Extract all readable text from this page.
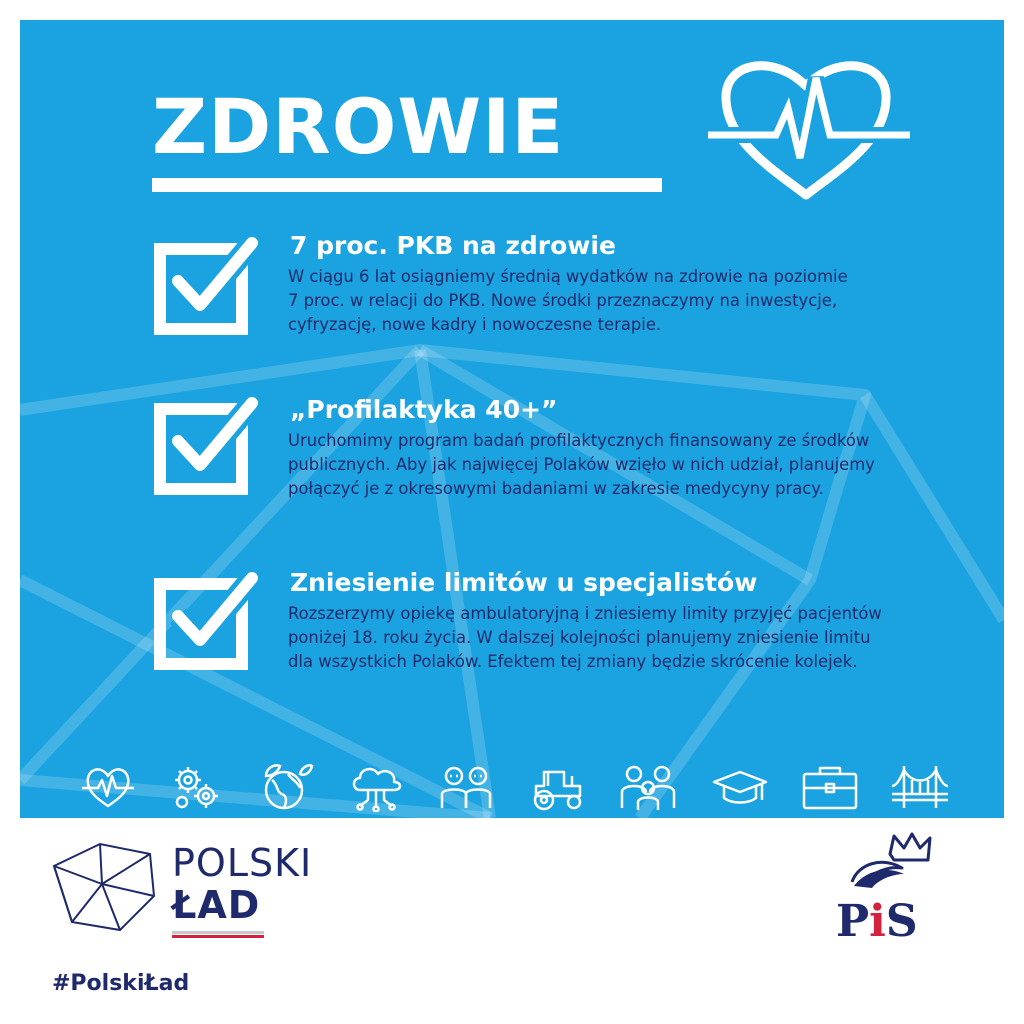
ZDROWIE

7 proc. PKB na zdrowie

W ciągu 6 lat osiągniemy średnią wydatków na zdrowie na poziomie

7 proc. w relacji do PKB. Nowe środki przeznaczymy na inwestycje,

cyfryzację, nowe kadry i nowoczesne terapie.

„Profilaktyka 40+”

Uruchomimy program badań profilaktycznych finansowany ze środków

publicznych. Aby jak najwięcej Polaków wzięło w nich udział, planujemy

połączyć je z okresowymi badaniami w zakresie medycyny pracy.

Zniesienie limitów u specjalistów

Rozszerzymy opiekę ambulatoryjną i zniesiemy limity przyjęć pacjentów

poniżej 18. roku życia. W dalszej kolejności planujemy zniesienie limitu

dla wszystkich Polaków. Efektem tej zmiany będzie skrócenie kolejek.

POLSKI

ŁAD

#PolskiŁad

PiS
